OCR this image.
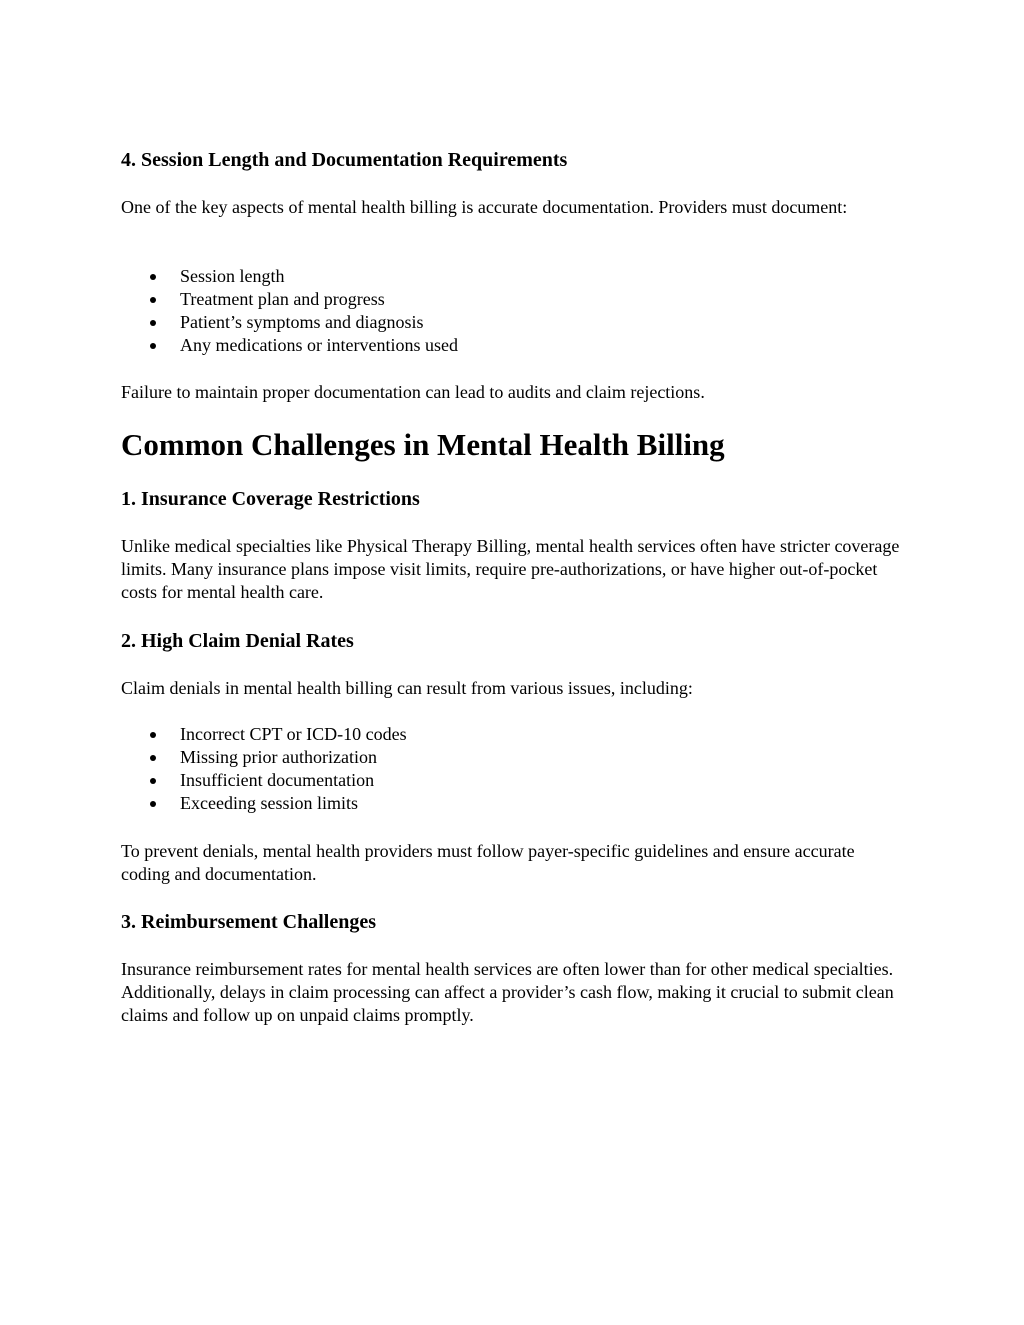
4. Session Length and Documentation Requirements

One of the key aspects of mental health billing is accurate documentation. Providers must document:

Session length
Treatment plan and progress
Patient’s symptoms and diagnosis
Any medications or interventions used

Failure to maintain proper documentation can lead to audits and claim rejections.

Common Challenges in Mental Health Billing
1. Insurance Coverage Restrictions

Unlike medical specialties like Physical Therapy Billing, mental health services often have stricter coverage limits. Many insurance plans impose visit limits, require pre-authorizations, or have higher out-of-pocket costs for mental health care.

2. High Claim Denial Rates

Claim denials in mental health billing can result from various issues, including:

Incorrect CPT or ICD-10 codes
Missing prior authorization
Insufficient documentation
Exceeding session limits

To prevent denials, mental health providers must follow payer-specific guidelines and ensure accurate coding and documentation.

3. Reimbursement Challenges

Insurance reimbursement rates for mental health services are often lower than for other medical specialties. Additionally, delays in claim processing can affect a provider’s cash flow, making it crucial to submit clean claims and follow up on unpaid claims promptly.
